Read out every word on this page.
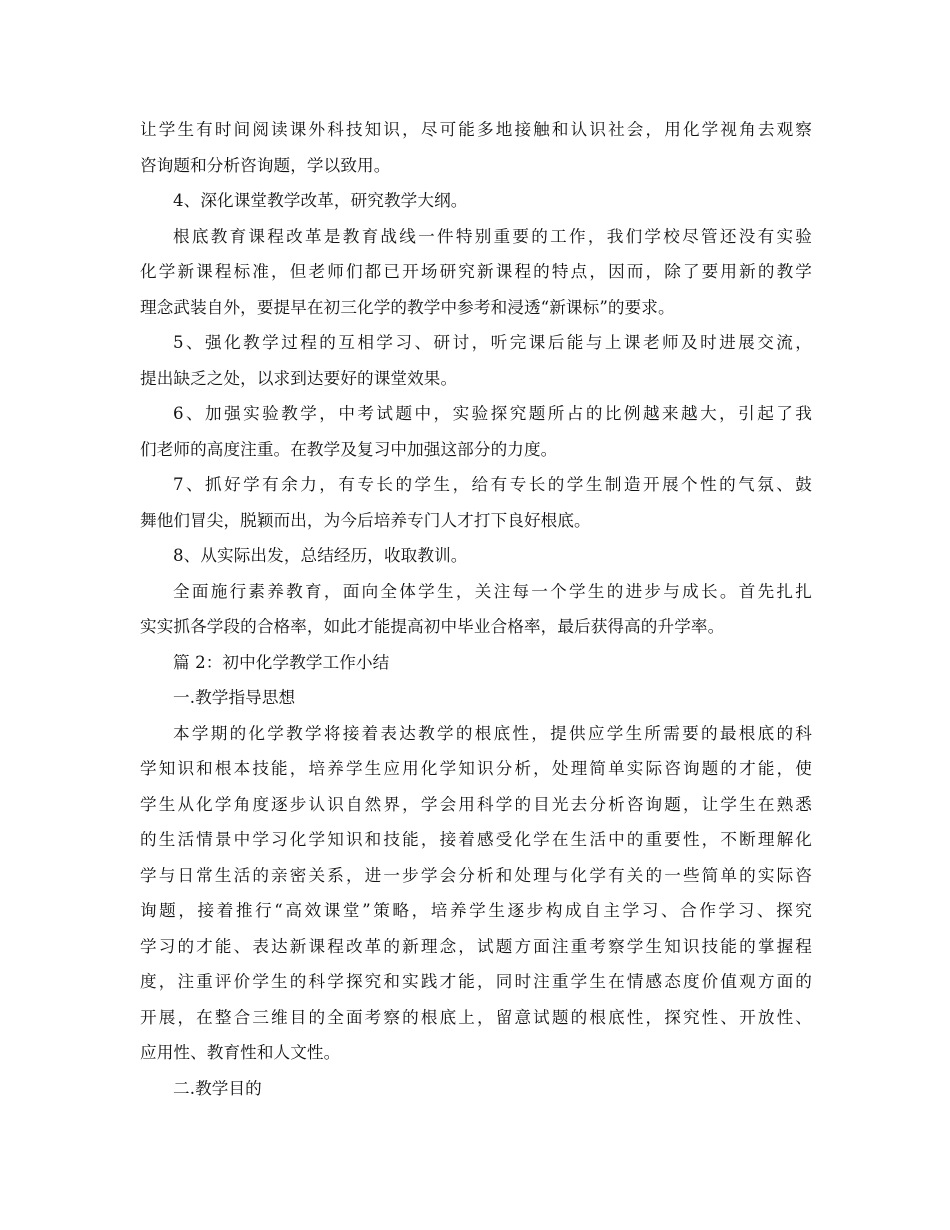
让学生有时间阅读课外科技知识，尽可能多地接触和认识社会，用化学视角去观察
咨询题和分析咨询题，学以致用。
4、深化课堂教学改革，研究教学大纲。
根底教育课程改革是教育战线一件特别重要的工作，我们学校尽管还没有实验
化学新课程标准，但老师们都已开场研究新课程的特点，因而，除了要用新的教学
理念武装自外，要提早在初三化学的教学中参考和浸透“新课标”的要求。
5、强化教学过程的互相学习、研讨，听完课后能与上课老师及时进展交流，
提出缺乏之处，以求到达要好的课堂效果。
6、加强实验教学，中考试题中，实验探究题所占的比例越来越大，引起了我
们老师的高度注重。在教学及复习中加强这部分的力度。
7、抓好学有余力，有专长的学生，给有专长的学生制造开展个性的气氛、鼓
舞他们冒尖，脱颖而出，为今后培养专门人才打下良好根底。
8、从实际出发，总结经历，收取教训。
全面施行素养教育，面向全体学生，关注每一个学生的进步与成长。首先扎扎
实实抓各学段的合格率，如此才能提高初中毕业合格率，最后获得高的升学率。
篇 2：初中化学教学工作小结
一.教学指导思想
本学期的化学教学将接着表达教学的根底性，提供应学生所需要的最根底的科
学知识和根本技能，培养学生应用化学知识分析，处理简单实际咨询题的才能，使
学生从化学角度逐步认识自然界，学会用科学的目光去分析咨询题，让学生在熟悉
的生活情景中学习化学知识和技能，接着感受化学在生活中的重要性，不断理解化
学与日常生活的亲密关系，进一步学会分析和处理与化学有关的一些简单的实际咨
询题，接着推行“高效课堂”策略，培养学生逐步构成自主学习、合作学习、探究
学习的才能、表达新课程改革的新理念，试题方面注重考察学生知识技能的掌握程
度，注重评价学生的科学探究和实践才能，同时注重学生在情感态度价值观方面的
开展，在整合三维目的全面考察的根底上，留意试题的根底性，探究性、开放性、
应用性、教育性和人文性。
二.教学目的
